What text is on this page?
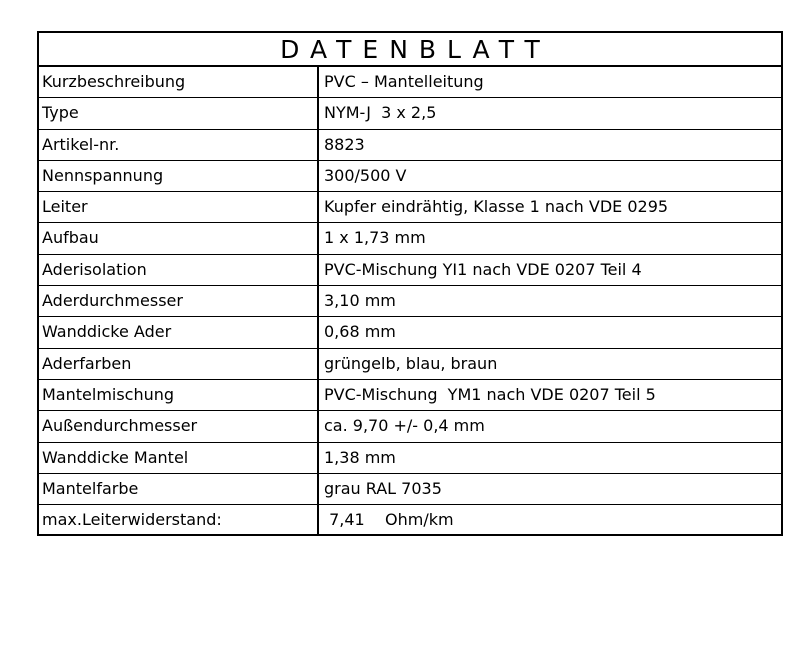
DATENBLATT
Kurzbeschreibung	PVC – Mantelleitung
Type	NYM-J  3 x 2,5
Artikel-nr.	8823
Nennspannung	300/500 V
Leiter	Kupfer eindrähtig, Klasse 1 nach VDE 0295
Aufbau	1 x 1,73 mm
Aderisolation	PVC-Mischung YI1 nach VDE 0207 Teil 4
Aderdurchmesser	3,10 mm
Wanddicke Ader	0,68 mm
Aderfarben	grüngelb, blau, braun
Mantelmischung	PVC-Mischung  YM1 nach VDE 0207 Teil 5
Außendurchmesser	ca. 9,70 +/- 0,4 mm
Wanddicke Mantel	1,38 mm
Mantelfarbe	grau RAL 7035
max.Leiterwiderstand:	7,41    Ohm/km
